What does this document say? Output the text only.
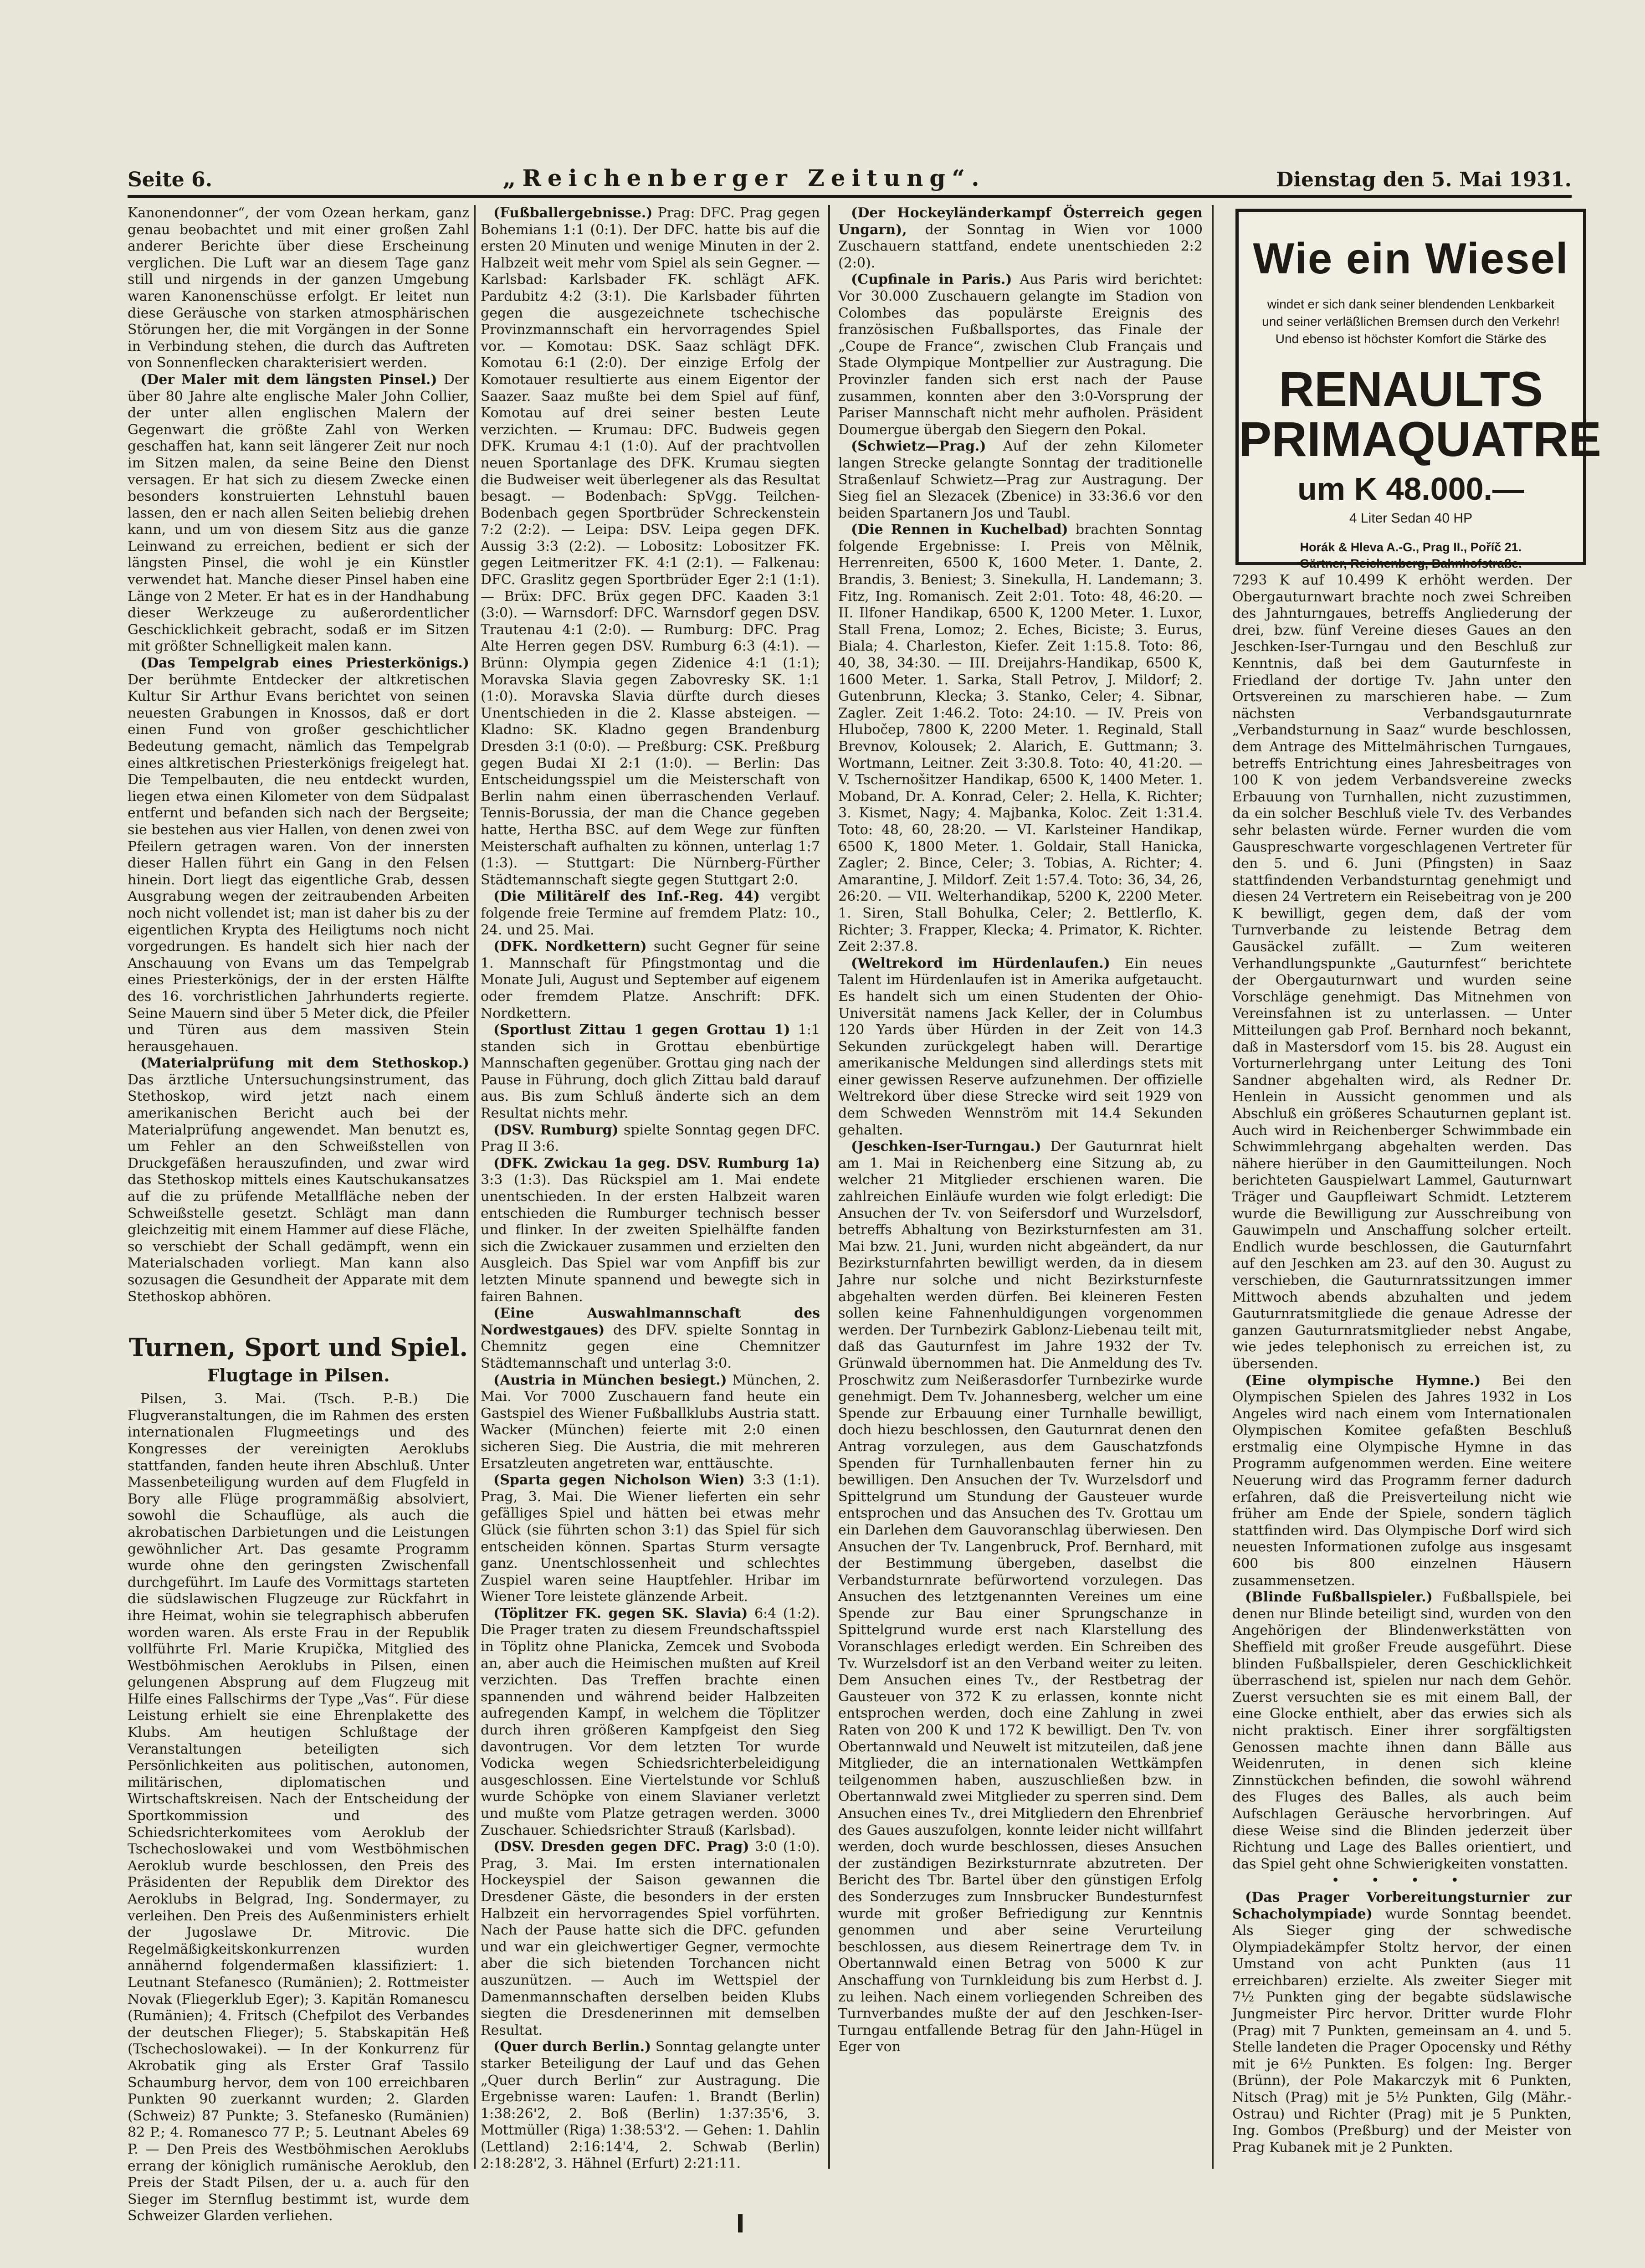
Seite 6.	„Reichenberger Zeitung“.	Dienstag den 5. Mai 1931.

Kanonendonner“, der vom Ozean herkam, ganz genau beobachtet und mit einer großen Zahl anderer Berichte über diese Erscheinung verglichen. Die Luft war an diesem Tage ganz still und nirgends in der ganzen Umgebung waren Kanonenschüsse erfolgt. Er leitet nun diese Geräusche von starken atmosphärischen Störungen her, die mit Vorgängen in der Sonne in Verbindung stehen, die durch das Auftreten von Sonnenflecken charakterisiert werden.

(Der Maler mit dem längsten Pinsel.) Der über 80 Jahre alte englische Maler John Collier, der unter allen englischen Malern der Gegenwart die größte Zahl von Werken geschaffen hat, kann seit längerer Zeit nur noch im Sitzen malen, da seine Beine den Dienst versagen. Er hat sich zu diesem Zwecke einen besonders konstruierten Lehnstuhl bauen lassen, den er nach allen Seiten beliebig drehen kann, und um von diesem Sitz aus die ganze Leinwand zu erreichen, bedient er sich der längsten Pinsel, die wohl je ein Künstler verwendet hat. Manche dieser Pinsel haben eine Länge von 2 Meter. Er hat es in der Handhabung dieser Werkzeuge zu außerordentlicher Geschicklichkeit gebracht, sodaß er im Sitzen mit größter Schnelligkeit malen kann.

(Das Tempelgrab eines Priesterkönigs.) Der berühmte Entdecker der altkretischen Kultur Sir Arthur Evans berichtet von seinen neuesten Grabungen in Knossos, daß er dort einen Fund von großer geschichtlicher Bedeutung gemacht, nämlich das Tempelgrab eines altkretischen Priesterkönigs freigelegt hat. Die Tempelbauten, die neu entdeckt wurden, liegen etwa einen Kilometer von dem Südpalast entfernt und befanden sich nach der Bergseite; sie bestehen aus vier Hallen, von denen zwei von Pfeilern getragen waren. Von der innersten dieser Hallen führt ein Gang in den Felsen hinein. Dort liegt das eigentliche Grab, dessen Ausgrabung wegen der zeitraubenden Arbeiten noch nicht vollendet ist; man ist daher bis zu der eigentlichen Krypta des Heiligtums noch nicht vorgedrungen. Es handelt sich hier nach der Anschauung von Evans um das Tempelgrab eines Priesterkönigs, der in der ersten Hälfte des 16. vorchristlichen Jahrhunderts regierte. Seine Mauern sind über 5 Meter dick, die Pfeiler und Türen aus dem massiven Stein herausgehauen.

(Materialprüfung mit dem Stethoskop.) Das ärztliche Untersuchungsinstrument, das Stethoskop, wird jetzt nach einem amerikanischen Bericht auch bei der Materialprüfung angewendet. Man benutzt es, um Fehler an den Schweißstellen von Druckgefäßen herauszufinden, und zwar wird das Stethoskop mittels eines Kautschukansatzes auf die zu prüfende Metallfläche neben der Schweißstelle gesetzt. Schlägt man dann gleichzeitig mit einem Hammer auf diese Fläche, so verschiebt der Schall gedämpft, wenn ein Materialschaden vorliegt. Man kann also sozusagen die Gesundheit der Apparate mit dem Stethoskop abhören.

Turnen, Sport und Spiel.
Flugtage in Pilsen.

Pilsen, 3. Mai. (Tsch. P.-B.) Die Flugveranstaltungen, die im Rahmen des ersten internationalen Flugmeetings und des Kongresses der vereinigten Aeroklubs stattfanden, fanden heute ihren Abschluß. Unter Massenbeteiligung wurden auf dem Flugfeld in Bory alle Flüge programmäßig absolviert, sowohl die Schauflüge, als auch die akrobatischen Darbietungen und die Leistungen gewöhnlicher Art. Das gesamte Programm wurde ohne den geringsten Zwischenfall durchgeführt. Im Laufe des Vormittags starteten die südslawischen Flugzeuge zur Rückfahrt in ihre Heimat, wohin sie telegraphisch abberufen worden waren. Als erste Frau in der Republik vollführte Frl. Marie Krupička, Mitglied des Westböhmischen Aeroklubs in Pilsen, einen gelungenen Absprung auf dem Flugzeug mit Hilfe eines Fallschirms der Type „Vas“. Für diese Leistung erhielt sie eine Ehrenplakette des Klubs. Am heutigen Schlußtage der Veranstaltungen beteiligten sich Persönlichkeiten aus politischen, autonomen, militärischen, diplomatischen und Wirtschaftskreisen. Nach der Entscheidung der Sportkommission und des Schiedsrichterkomitees vom Aeroklub der Tschechoslowakei und vom Westböhmischen Aeroklub wurde beschlossen, den Preis des Präsidenten der Republik dem Direktor des Aeroklubs in Belgrad, Ing. Sondermayer, zu verleihen. Den Preis des Außenministers erhielt der Jugoslawe Dr. Mitrovic. Die Regelmäßigkeitskonkurrenzen wurden annähernd folgendermaßen klassifiziert: 1. Leutnant Stefanesco (Rumänien); 2. Rottmeister Novak (Fliegerklub Eger); 3. Kapitän Romanescu (Rumänien); 4. Fritsch (Chefpilot des Verbandes der deutschen Flieger); 5. Stabskapitän Heß (Tschechoslowakei). — In der Konkurrenz für Akrobatik ging als Erster Graf Tassilo Schaumburg hervor, dem von 100 erreichbaren Punkten 90 zuerkannt wurden; 2. Glarden (Schweiz) 87 Punkte; 3. Stefanesko (Rumänien) 82 P.; 4. Romanesco 77 P.; 5. Leutnant Abeles 69 P. — Den Preis des Westböhmischen Aeroklubs errang der königlich rumänische Aeroklub, den Preis der Stadt Pilsen, der u. a. auch für den Sieger im Sternflug bestimmt ist, wurde dem Schweizer Glarden verliehen.

(Fußballergebnisse.) Prag: DFC. Prag gegen Bohemians 1:1 (0:1). Der DFC. hatte bis auf die ersten 20 Minuten und wenige Minuten in der 2. Halbzeit weit mehr vom Spiel als sein Gegner. — Karlsbad: Karlsbader FK. schlägt AFK. Pardubitz 4:2 (3:1). Die Karlsbader führten gegen die ausgezeichnete tschechische Provinzmannschaft ein hervorragendes Spiel vor. — Komotau: DSK. Saaz schlägt DFK. Komotau 6:1 (2:0). Der einzige Erfolg der Komotauer resultierte aus einem Eigentor der Saazer. Saaz mußte bei dem Spiel auf fünf, Komotau auf drei seiner besten Leute verzichten. — Krumau: DFC. Budweis gegen DFK. Krumau 4:1 (1:0). Auf der prachtvollen neuen Sportanlage des DFK. Krumau siegten die Budweiser weit überlegener als das Resultat besagt. — Bodenbach: SpVgg. Teilchen-Bodenbach gegen Sportbrüder Schreckenstein 7:2 (2:2). — Leipa: DSV. Leipa gegen DFK. Aussig 3:3 (2:2). — Lobositz: Lobositzer FK. gegen Leitmeritzer FK. 4:1 (2:1). — Falkenau: DFC. Graslitz gegen Sportbrüder Eger 2:1 (1:1). — Brüx: DFC. Brüx gegen DFC. Kaaden 3:1 (3:0). — Warnsdorf: DFC. Warnsdorf gegen DSV. Trautenau 4:1 (2:0). — Rumburg: DFC. Prag Alte Herren gegen DSV. Rumburg 6:3 (4:1). — Brünn: Olympia gegen Zidenice 4:1 (1:1); Moravska Slavia gegen Zabovresky SK. 1:1 (1:0). Moravska Slavia dürfte durch dieses Unentschieden in die 2. Klasse absteigen. — Kladno: SK. Kladno gegen Brandenburg Dresden 3:1 (0:0). — Preßburg: CSK. Preßburg gegen Budai XI 2:1 (1:0). — Berlin: Das Entscheidungsspiel um die Meisterschaft von Berlin nahm einen überraschenden Verlauf. Tennis-Borussia, der man die Chance gegeben hatte, Hertha BSC. auf dem Wege zur fünften Meisterschaft aufhalten zu können, unterlag 1:7 (1:3). — Stuttgart: Die Nürnberg-Fürther Städtemannschaft siegte gegen Stuttgart 2:0.

(Die Militärelf des Inf.-Reg. 44) vergibt folgende freie Termine auf fremdem Platz: 10., 24. und 25. Mai.

(DFK. Nordkettern) sucht Gegner für seine 1. Mannschaft für Pfingstmontag und die Monate Juli, August und September auf eigenem oder fremdem Platze. Anschrift: DFK. Nordkettern.

(Sportlust Zittau 1 gegen Grottau 1) 1:1 standen sich in Grottau ebenbürtige Mannschaften gegenüber. Grottau ging nach der Pause in Führung, doch glich Zittau bald darauf aus. Bis zum Schluß änderte sich an dem Resultat nichts mehr.

(DSV. Rumburg) spielte Sonntag gegen DFC. Prag II 3:6.

(DFK. Zwickau 1a geg. DSV. Rumburg 1a) 3:3 (1:3). Das Rückspiel am 1. Mai endete unentschieden. In der ersten Halbzeit waren entschieden die Rumburger technisch besser und flinker. In der zweiten Spielhälfte fanden sich die Zwickauer zusammen und erzielten den Ausgleich. Das Spiel war vom Anpfiff bis zur letzten Minute spannend und bewegte sich in fairen Bahnen.

(Eine Auswahlmannschaft des Nordwestgaues) des DFV. spielte Sonntag in Chemnitz gegen eine Chemnitzer Städtemannschaft und unterlag 3:0.

(Austria in München besiegt.) München, 2. Mai. Vor 7000 Zuschauern fand heute ein Gastspiel des Wiener Fußballklubs Austria statt. Wacker (München) feierte mit 2:0 einen sicheren Sieg. Die Austria, die mit mehreren Ersatzleuten angetreten war, enttäuschte.

(Sparta gegen Nicholson Wien) 3:3 (1:1). Prag, 3. Mai. Die Wiener lieferten ein sehr gefälliges Spiel und hätten bei etwas mehr Glück (sie führten schon 3:1) das Spiel für sich entscheiden können. Spartas Sturm versagte ganz. Unentschlossenheit und schlechtes Zuspiel waren seine Hauptfehler. Hribar im Wiener Tore leistete glänzende Arbeit.

(Töplitzer FK. gegen SK. Slavia) 6:4 (1:2). Die Prager traten zu diesem Freundschaftsspiel in Töplitz ohne Planicka, Zemcek und Svoboda an, aber auch die Heimischen mußten auf Kreil verzichten. Das Treffen brachte einen spannenden und während beider Halbzeiten aufregenden Kampf, in welchem die Töplitzer durch ihren größeren Kampfgeist den Sieg davontrugen. Vor dem letzten Tor wurde Vodicka wegen Schiedsrichterbeleidigung ausgeschlossen. Eine Viertelstunde vor Schluß wurde Schöpke von einem Slavianer verletzt und mußte vom Platze getragen werden. 3000 Zuschauer. Schiedsrichter Strauß (Karlsbad).

(DSV. Dresden gegen DFC. Prag) 3:0 (1:0). Prag, 3. Mai. Im ersten internationalen Hockeyspiel der Saison gewannen die Dresdener Gäste, die besonders in der ersten Halbzeit ein hervorragendes Spiel vorführten. Nach der Pause hatte sich die DFC. gefunden und war ein gleichwertiger Gegner, vermochte aber die sich bietenden Torchancen nicht auszunützen. — Auch im Wettspiel der Damenmannschaften derselben beiden Klubs siegten die Dresdenerinnen mit demselben Resultat.

(Quer durch Berlin.) Sonntag gelangte unter starker Beteiligung der Lauf und das Gehen „Quer durch Berlin“ zur Austragung. Die Ergebnisse waren: Laufen: 1. Brandt (Berlin) 1:38:26'2, 2. Boß (Berlin) 1:37:35'6, 3. Mottmüller (Riga) 1:38:53'2. — Gehen: 1. Dahlin (Lettland) 2:16:14'4, 2. Schwab (Berlin) 2:18:28'2, 3. Hähnel (Erfurt) 2:21:11.

(Der Hockeyländerkampf Österreich gegen Ungarn), der Sonntag in Wien vor 1000 Zuschauern stattfand, endete unentschieden 2:2 (2:0).

(Cupfinale in Paris.) Aus Paris wird berichtet: Vor 30.000 Zuschauern gelangte im Stadion von Colombes das populärste Ereignis des französischen Fußballsportes, das Finale der „Coupe de France“, zwischen Club Français und Stade Olympique Montpellier zur Austragung. Die Provinzler fanden sich erst nach der Pause zusammen, konnten aber den 3:0-Vorsprung der Pariser Mannschaft nicht mehr aufholen. Präsident Doumergue übergab den Siegern den Pokal.

(Schwietz—Prag.) Auf der zehn Kilometer langen Strecke gelangte Sonntag der traditionelle Straßenlauf Schwietz—Prag zur Austragung. Der Sieg fiel an Slezacek (Zbenice) in 33:36.6 vor den beiden Spartanern Jos und Taubl.

(Die Rennen in Kuchelbad) brachten Sonntag folgende Ergebnisse: I. Preis von Mělnik, Herrenreiten, 6500 K, 1600 Meter. 1. Dante, 2. Brandis, 3. Beniest; 3. Sinekulla, H. Landemann; 3. Fitz, Ing. Romanisch. Zeit 2:01. Toto: 48, 46:20. — II. Ilfoner Handikap, 6500 K, 1200 Meter. 1. Luxor, Stall Frena, Lomoz; 2. Eches, Biciste; 3. Eurus, Biala; 4. Charleston, Kiefer. Zeit 1:15.8. Toto: 86, 40, 38, 34:30. — III. Dreijahrs-Handikap, 6500 K, 1600 Meter. 1. Sarka, Stall Petrov, J. Mildorf; 2. Gutenbrunn, Klecka; 3. Stanko, Celer; 4. Sibnar, Zagler. Zeit 1:46.2. Toto: 24:10. — IV. Preis von Hlubočep, 7800 K, 2200 Meter. 1. Reginald, Stall Brevnov, Kolousek; 2. Alarich, E. Guttmann; 3. Wortmann, Leitner. Zeit 3:30.8. Toto: 40, 41:20. — V. Tschernošitzer Handikap, 6500 K, 1400 Meter. 1. Moband, Dr. A. Konrad, Celer; 2. Hella, K. Richter; 3. Kismet, Nagy; 4. Majbanka, Koloc. Zeit 1:31.4. Toto: 48, 60, 28:20. — VI. Karlsteiner Handikap, 6500 K, 1800 Meter. 1. Goldair, Stall Hanicka, Zagler; 2. Bince, Celer; 3. Tobias, A. Richter; 4. Amarantine, J. Mildorf. Zeit 1:57.4. Toto: 36, 34, 26, 26:20. — VII. Welterhandikap, 5200 K, 2200 Meter. 1. Siren, Stall Bohulka, Celer; 2. Bettlerflo, K. Richter; 3. Frapper, Klecka; 4. Primator, K. Richter. Zeit 2:37.8.

(Weltrekord im Hürdenlaufen.) Ein neues Talent im Hürdenlaufen ist in Amerika aufgetaucht. Es handelt sich um einen Studenten der Ohio-Universität namens Jack Keller, der in Columbus 120 Yards über Hürden in der Zeit von 14.3 Sekunden zurückgelegt haben will. Derartige amerikanische Meldungen sind allerdings stets mit einer gewissen Reserve aufzunehmen. Der offizielle Weltrekord über diese Strecke wird seit 1929 von dem Schweden Wennström mit 14.4 Sekunden gehalten.

(Jeschken-Iser-Turngau.) Der Gauturnrat hielt am 1. Mai in Reichenberg eine Sitzung ab, zu welcher 21 Mitglieder erschienen waren. Die zahlreichen Einläufe wurden wie folgt erledigt: Die Ansuchen der Tv. von Seifersdorf und Wurzelsdorf, betreffs Abhaltung von Bezirksturnfesten am 31. Mai bzw. 21. Juni, wurden nicht abgeändert, da nur Bezirksturnfahrten bewilligt werden, da in diesem Jahre nur solche und nicht Bezirksturnfeste abgehalten werden dürfen. Bei kleineren Festen sollen keine Fahnenhuldigungen vorgenommen werden. Der Turnbezirk Gablonz-Liebenau teilt mit, daß das Gauturnfest im Jahre 1932 der Tv. Grünwald übernommen hat. Die Anmeldung des Tv. Proschwitz zum Neißerasdorfer Turnbezirke wurde genehmigt. Dem Tv. Johannesberg, welcher um eine Spende zur Erbauung einer Turnhalle bewilligt, doch hiezu beschlossen, den Gauturnrat denen den Antrag vorzulegen, aus dem Gauschatzfonds Spenden für Turnhallenbauten ferner hin zu bewilligen. Den Ansuchen der Tv. Wurzelsdorf und Spittelgrund um Stundung der Gausteuer wurde entsprochen und das Ansuchen des Tv. Grottau um ein Darlehen dem Gauvoranschlag überwiesen. Den Ansuchen der Tv. Langenbruck, Prof. Bernhard, mit der Bestimmung übergeben, daselbst die Verbandsturnrate befürwortend vorzulegen. Das Ansuchen des letztgenannten Vereines um eine Spende zur Bau einer Sprungschanze in Spittelgrund wurde erst nach Klarstellung des Voranschlages erledigt werden. Ein Schreiben des Tv. Wurzelsdorf ist an den Verband weiter zu leiten. Dem Ansuchen eines Tv., der Restbetrag der Gausteuer von 372 K zu erlassen, konnte nicht entsprochen werden, doch eine Zahlung in zwei Raten von 200 K und 172 K bewilligt. Den Tv. von Obertannwald und Neuwelt ist mitzuteilen, daß jene Mitglieder, die an internationalen Wettkämpfen teilgenommen haben, auszuschließen bzw. in Obertannwald zwei Mitglieder zu sperren sind. Dem Ansuchen eines Tv., drei Mitgliedern den Ehrenbrief des Gaues auszufolgen, konnte leider nicht willfahrt werden, doch wurde beschlossen, dieses Ansuchen der zuständigen Bezirksturnrate abzutreten. Der Bericht des Tbr. Bartel über den günstigen Erfolg des Sonderzuges zum Innsbrucker Bundesturnfest wurde mit großer Befriedigung zur Kenntnis genommen und aber seine Verurteilung beschlossen, aus diesem Reinertrage dem Tv. in Obertannwald einen Betrag von 5000 K zur Anschaffung von Turnkleidung bis zum Herbst d. J. zu leihen. Nach einem vorliegenden Schreiben des Turnverbandes mußte der auf den Jeschken-Iser-Turngau entfallende Betrag für den Jahn-Hügel in Eger von

Wie ein Wiesel
windet er sich dank seiner blendenden Lenkbarkeit und seiner verläßlichen Bremsen durch den Verkehr! Und ebenso ist höchster Komfort die Stärke des
RENAULTS
PRIMAQUATRE
um K 48.000.—
4 Liter Sedan 40 HP
Horák & Hleva A.-G., Prag II., Poříč 21.
Gärtner, Reichenberg, Bahnhofstraße.

7293 K auf 10.499 K erhöht werden. Der Obergauturnwart brachte noch zwei Schreiben des Jahnturngaues, betreffs Angliederung der drei, bzw. fünf Vereine dieses Gaues an den Jeschken-Iser-Turngau und den Beschluß zur Kenntnis, daß bei dem Gauturnfeste in Friedland der dortige Tv. Jahn unter den Ortsvereinen zu marschieren habe. — Zum nächsten Verbandsgauturnrate „Verbandsturnung in Saaz“ wurde beschlossen, dem Antrage des Mittelmährischen Turngaues, betreffs Entrichtung eines Jahresbeitrages von 100 K von jedem Verbandsvereine zwecks Erbauung von Turnhallen, nicht zuzustimmen, da ein solcher Beschluß viele Tv. des Verbandes sehr belasten würde. Ferner wurden die vom Gauspreschwarte vorgeschlagenen Vertreter für den 5. und 6. Juni (Pfingsten) in Saaz stattfindenden Verbandsturntag genehmigt und diesen 24 Vertretern ein Reisebeitrag von je 200 K bewilligt, gegen dem, daß der vom Turnverbande zu leistende Betrag dem Gausäckel zufällt. — Zum weiteren Verhandlungspunkte „Gauturnfest“ berichtete der Obergauturnwart und wurden seine Vorschläge genehmigt. Das Mitnehmen von Vereinsfahnen ist zu unterlassen. — Unter Mitteilungen gab Prof. Bernhard noch bekannt, daß in Mastersdorf vom 15. bis 28. August ein Vorturnerlehrgang unter Leitung des Toni Sandner abgehalten wird, als Redner Dr. Henlein in Aussicht genommen und als Abschluß ein größeres Schauturnen geplant ist. Auch wird in Reichenberger Schwimmbade ein Schwimmlehrgang abgehalten werden. Das nähere hierüber in den Gaumitteilungen. Noch berichteten Gauspielwart Lammel, Gauturnwart Träger und Gaupfleiwart Schmidt. Letzterem wurde die Bewilligung zur Ausschreibung von Gauwimpeln und Anschaffung solcher erteilt. Endlich wurde beschlossen, die Gauturnfahrt auf den Jeschken am 23. auf den 30. August zu verschieben, die Gauturnratssitzungen immer Mittwoch abends abzuhalten und jedem Gauturnratsmitgliede die genaue Adresse der ganzen Gauturnratsmitglieder nebst Angabe, wie jedes telephonisch zu erreichen ist, zu übersenden.

(Eine olympische Hymne.) Bei den Olympischen Spielen des Jahres 1932 in Los Angeles wird nach einem vom Internationalen Olympischen Komitee gefaßten Beschluß erstmalig eine Olympische Hymne in das Programm aufgenommen werden. Eine weitere Neuerung wird das Programm ferner dadurch erfahren, daß die Preisverteilung nicht wie früher am Ende der Spiele, sondern täglich stattfinden wird. Das Olympische Dorf wird sich neuesten Informationen zufolge aus insgesamt 600 bis 800 einzelnen Häusern zusammensetzen.

(Blinde Fußballspieler.) Fußballspiele, bei denen nur Blinde beteiligt sind, wurden von den Angehörigen der Blindenwerkstätten von Sheffield mit großer Freude ausgeführt. Diese blinden Fußballspieler, deren Geschicklichkeit überraschend ist, spielen nur nach dem Gehör. Zuerst versuchten sie es mit einem Ball, der eine Glocke enthielt, aber das erwies sich als nicht praktisch. Einer ihrer sorgfältigsten Genossen machte ihnen dann Bälle aus Weidenruten, in denen sich kleine Zinnstückchen befinden, die sowohl während des Fluges des Balles, als auch beim Aufschlagen Geräusche hervorbringen. Auf diese Weise sind die Blinden jederzeit über Richtung und Lage des Balles orientiert, und das Spiel geht ohne Schwierigkeiten vonstatten.

• • • •

(Das Prager Vorbereitungsturnier zur Schacholympiade) wurde Sonntag beendet. Als Sieger ging der schwedische Olympiadekämpfer Stoltz hervor, der einen Umstand von acht Punkten (aus 11 erreichbaren) erzielte. Als zweiter Sieger mit 7½ Punkten ging der begabte südslawische Jungmeister Pirc hervor. Dritter wurde Flohr (Prag) mit 7 Punkten, gemeinsam an 4. und 5. Stelle landeten die Prager Opocensky und Réthy mit je 6½ Punkten. Es folgen: Ing. Berger (Brünn), der Pole Makarczyk mit 6 Punkten, Nitsch (Prag) mit je 5½ Punkten, Gilg (Mähr.-Ostrau) und Richter (Prag) mit je 5 Punkten, Ing. Gombos (Preßburg) und der Meister von Prag Kubanek mit je 2 Punkten.
